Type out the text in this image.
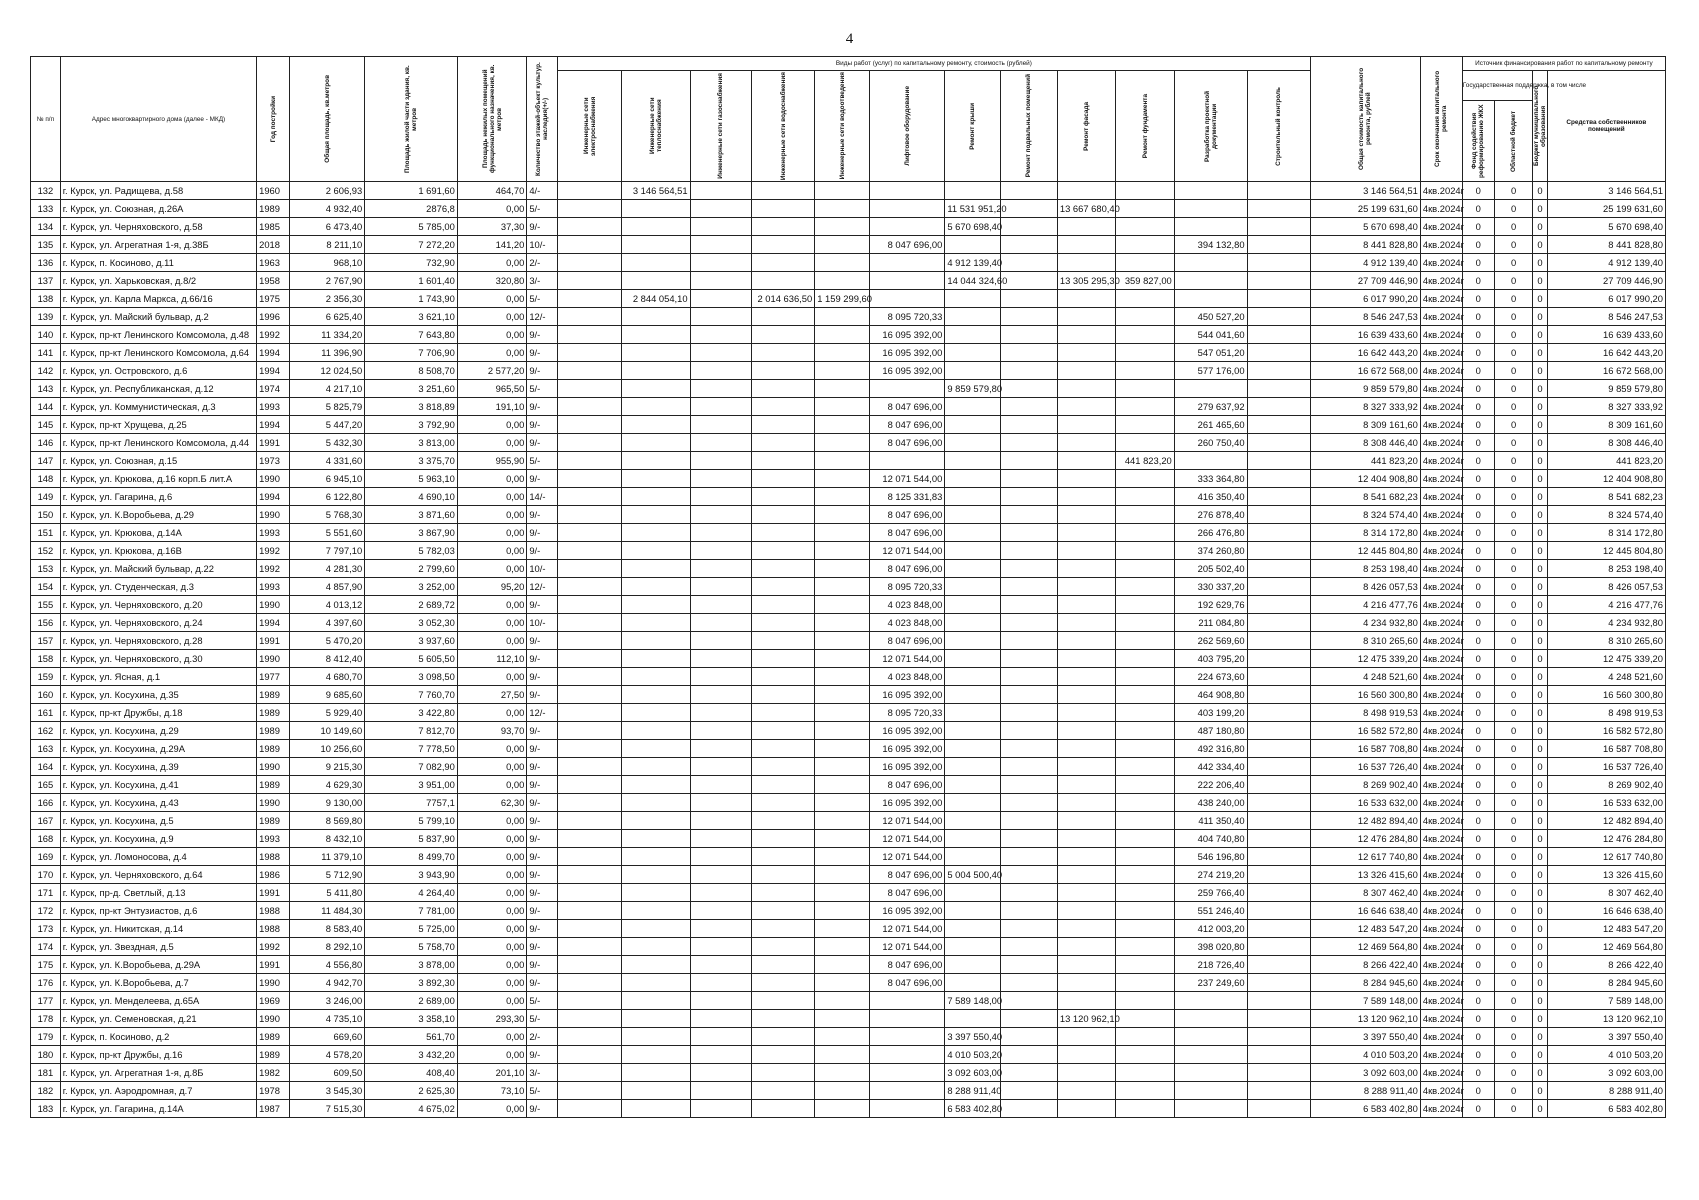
4
№ п/п	Адрес многоквартирного дома (далее - МКД)	Год постройки	Общая площадь, кв.метров	Площадь жилой части здания, кв. метров	Площадь нежилых помещений функционального назначения, кв. метров	Количество этажей-объект культур. наследия(+/-)	Виды работ (услуг) по капитальному ремонту, стоимость (рублей)												Общая стоимость капитального ремонта, рублей	Срок окончания капитального ремонта	Источник финансирования работ по капитальному ремонту			

							Инженерные сети электроснабжения	Инженерные сети теплоснабжения	Инженерные сети газоснабжения	Инженерные сети водоснабжения	Инженерные сети водоотведения	Лифтовое оборудование	Ремонт крыши	Ремонт подвальных помещений	Ремонт фасада	Ремонт фундамента	Разработка проектной документации	Строительный контроль			Государственная поддержка, в том числе		Бюджет муниципального образования	Средства собственников помещений

																					Фонд содействия реформированию ЖКХ	Областной бюджет		

132	г. Курск, ул. Радищева, д.58	1960	2 606,93	1 691,60	464,70	4/-		3 146 564,51											3 146 564,51	4кв.2024г	0	0	0	3 146 564,51
133	г. Курск, ул. Союзная, д.26А	1989	4 932,40	2876,8	0,00	5/-							11 531 951,20		13 667 680,40				25 199 631,60	4кв.2024г	0	0	0	25 199 631,60
134	г. Курск, ул. Черняховского, д.58	1985	6 473,40	5 785,00	37,30	9/-							5 670 698,40						5 670 698,40	4кв.2024г	0	0	0	5 670 698,40
135	г. Курск, ул. Агрегатная 1-я, д.38Б	2018	8 211,10	7 272,20	141,20	10/-						8 047 696,00					394 132,80		8 441 828,80	4кв.2024г	0	0	0	8 441 828,80
136	г. Курск, п. Косиново, д.11	1963	968,10	732,90	0,00	2/-							4 912 139,40						4 912 139,40	4кв.2024г	0	0	0	4 912 139,40
137	г. Курск, ул. Харьковская, д.8/2	1958	2 767,90	1 601,40	320,80	3/-							14 044 324,60		13 305 295,30	359 827,00			27 709 446,90	4кв.2024г	0	0	0	27 709 446,90
138	г. Курск, ул. Карла Маркса, д.66/16	1975	2 356,30	1 743,90	0,00	5/-		2 844 054,10		2 014 636,50	1 159 299,60								6 017 990,20	4кв.2024г	0	0	0	6 017 990,20
139	г. Курск, ул. Майский бульвар, д.2	1996	6 625,40	3 621,10	0,00	12/-						8 095 720,33					450 527,20		8 546 247,53	4кв.2024г	0	0	0	8 546 247,53
140	г. Курск, пр-кт Ленинского Комсомола, д.48	1992	11 334,20	7 643,80	0,00	9/-						16 095 392,00					544 041,60		16 639 433,60	4кв.2024г	0	0	0	16 639 433,60
141	г. Курск, пр-кт Ленинского Комсомола, д.64	1994	11 396,90	7 706,90	0,00	9/-						16 095 392,00					547 051,20		16 642 443,20	4кв.2024г	0	0	0	16 642 443,20
142	г. Курск, ул. Островского, д.6	1994	12 024,50	8 508,70	2 577,20	9/-						16 095 392,00					577 176,00		16 672 568,00	4кв.2024г	0	0	0	16 672 568,00
143	г. Курск, ул. Республиканская, д.12	1974	4 217,10	3 251,60	965,50	5/-							9 859 579,80						9 859 579,80	4кв.2024г	0	0	0	9 859 579,80
144	г. Курск, ул. Коммунистическая, д.3	1993	5 825,79	3 818,89	191,10	9/-						8 047 696,00					279 637,92		8 327 333,92	4кв.2024г	0	0	0	8 327 333,92
145	г. Курск, пр-кт Хрущева, д.25	1994	5 447,20	3 792,90	0,00	9/-						8 047 696,00					261 465,60		8 309 161,60	4кв.2024г	0	0	0	8 309 161,60
146	г. Курск, пр-кт Ленинского Комсомола, д.44	1991	5 432,30	3 813,00	0,00	9/-						8 047 696,00					260 750,40		8 308 446,40	4кв.2024г	0	0	0	8 308 446,40
147	г. Курск, ул. Союзная, д.15	1973	4 331,60	3 375,70	955,90	5/-										441 823,20			441 823,20	4кв.2024г	0	0	0	441 823,20
148	г. Курск, ул. Крюкова, д.16 корп.Б лит.А	1990	6 945,10	5 963,10	0,00	9/-						12 071 544,00					333 364,80		12 404 908,80	4кв.2024г	0	0	0	12 404 908,80
149	г. Курск, ул. Гагарина, д.6	1994	6 122,80	4 690,10	0,00	14/-						8 125 331,83					416 350,40		8 541 682,23	4кв.2024г	0	0	0	8 541 682,23
150	г. Курск, ул. К.Воробьева, д.29	1990	5 768,30	3 871,60	0,00	9/-						8 047 696,00					276 878,40		8 324 574,40	4кв.2024г	0	0	0	8 324 574,40
151	г. Курск, ул. Крюкова, д.14А	1993	5 551,60	3 867,90	0,00	9/-						8 047 696,00					266 476,80		8 314 172,80	4кв.2024г	0	0	0	8 314 172,80
152	г. Курск, ул. Крюкова, д.16В	1992	7 797,10	5 782,03	0,00	9/-						12 071 544,00					374 260,80		12 445 804,80	4кв.2024г	0	0	0	12 445 804,80
153	г. Курск, ул. Майский бульвар, д.22	1992	4 281,30	2 799,60	0,00	10/-						8 047 696,00					205 502,40		8 253 198,40	4кв.2024г	0	0	0	8 253 198,40
154	г. Курск, ул. Студенческая, д.3	1993	4 857,90	3 252,00	95,20	12/-						8 095 720,33					330 337,20		8 426 057,53	4кв.2024г	0	0	0	8 426 057,53
155	г. Курск, ул. Черняховского, д.20	1990	4 013,12	2 689,72	0,00	9/-						4 023 848,00					192 629,76		4 216 477,76	4кв.2024г	0	0	0	4 216 477,76
156	г. Курск, ул. Черняховского, д.24	1994	4 397,60	3 052,30	0,00	10/-						4 023 848,00					211 084,80		4 234 932,80	4кв.2024г	0	0	0	4 234 932,80
157	г. Курск, ул. Черняховского, д.28	1991	5 470,20	3 937,60	0,00	9/-						8 047 696,00					262 569,60		8 310 265,60	4кв.2024г	0	0	0	8 310 265,60
158	г. Курск, ул. Черняховского, д.30	1990	8 412,40	5 605,50	112,10	9/-						12 071 544,00					403 795,20		12 475 339,20	4кв.2024г	0	0	0	12 475 339,20
159	г. Курск, ул. Ясная, д.1	1977	4 680,70	3 098,50	0,00	9/-						4 023 848,00					224 673,60		4 248 521,60	4кв.2024г	0	0	0	4 248 521,60
160	г. Курск, ул. Косухина, д.35	1989	9 685,60	7 760,70	27,50	9/-						16 095 392,00					464 908,80		16 560 300,80	4кв.2024г	0	0	0	16 560 300,80
161	г. Курск, пр-кт Дружбы, д.18	1989	5 929,40	3 422,80	0,00	12/-						8 095 720,33					403 199,20		8 498 919,53	4кв.2024г	0	0	0	8 498 919,53
162	г. Курск, ул. Косухина, д.29	1989	10 149,60	7 812,70	93,70	9/-						16 095 392,00					487 180,80		16 582 572,80	4кв.2024г	0	0	0	16 582 572,80
163	г. Курск, ул. Косухина, д.29А	1989	10 256,60	7 778,50	0,00	9/-						16 095 392,00					492 316,80		16 587 708,80	4кв.2024г	0	0	0	16 587 708,80
164	г. Курск, ул. Косухина, д.39	1990	9 215,30	7 082,90	0,00	9/-						16 095 392,00					442 334,40		16 537 726,40	4кв.2024г	0	0	0	16 537 726,40
165	г. Курск, ул. Косухина, д.41	1989	4 629,30	3 951,00	0,00	9/-						8 047 696,00					222 206,40		8 269 902,40	4кв.2024г	0	0	0	8 269 902,40
166	г. Курск, ул. Косухина, д.43	1990	9 130,00	7757,1	62,30	9/-						16 095 392,00					438 240,00		16 533 632,00	4кв.2024г	0	0	0	16 533 632,00
167	г. Курск, ул. Косухина, д.5	1989	8 569,80	5 799,10	0,00	9/-						12 071 544,00					411 350,40		12 482 894,40	4кв.2024г	0	0	0	12 482 894,40
168	г. Курск, ул. Косухина, д.9	1993	8 432,10	5 837,90	0,00	9/-						12 071 544,00					404 740,80		12 476 284,80	4кв.2024г	0	0	0	12 476 284,80
169	г. Курск, ул. Ломоносова, д.4	1988	11 379,10	8 499,70	0,00	9/-						12 071 544,00					546 196,80		12 617 740,80	4кв.2024г	0	0	0	12 617 740,80
170	г. Курск, ул. Черняховского, д.64	1986	5 712,90	3 943,90	0,00	9/-						8 047 696,00	5 004 500,40				274 219,20		13 326 415,60	4кв.2024г	0	0	0	13 326 415,60
171	г. Курск, пр-д. Светлый, д.13	1991	5 411,80	4 264,40	0,00	9/-						8 047 696,00					259 766,40		8 307 462,40	4кв.2024г	0	0	0	8 307 462,40
172	г. Курск, пр-кт Энтузиастов, д.6	1988	11 484,30	7 781,00	0,00	9/-						16 095 392,00					551 246,40		16 646 638,40	4кв.2024г	0	0	0	16 646 638,40
173	г. Курск, ул. Никитская, д.14	1988	8 583,40	5 725,00	0,00	9/-						12 071 544,00					412 003,20		12 483 547,20	4кв.2024г	0	0	0	12 483 547,20
174	г. Курск, ул. Звездная, д.5	1992	8 292,10	5 758,70	0,00	9/-						12 071 544,00					398 020,80		12 469 564,80	4кв.2024г	0	0	0	12 469 564,80
175	г. Курск, ул. К.Воробьева, д.29А	1991	4 556,80	3 878,00	0,00	9/-						8 047 696,00					218 726,40		8 266 422,40	4кв.2024г	0	0	0	8 266 422,40
176	г. Курск, ул. К.Воробьева, д.7	1990	4 942,70	3 892,30	0,00	9/-						8 047 696,00					237 249,60		8 284 945,60	4кв.2024г	0	0	0	8 284 945,60
177	г. Курск, ул. Менделеева, д.65А	1969	3 246,00	2 689,00	0,00	5/-							7 589 148,00						7 589 148,00	4кв.2024г	0	0	0	7 589 148,00
178	г. Курск, ул. Семеновская, д.21	1990	4 735,10	3 358,10	293,30	5/-									13 120 962,10				13 120 962,10	4кв.2024г	0	0	0	13 120 962,10
179	г. Курск, п. Косиново, д.2	1989	669,60	561,70	0,00	2/-							3 397 550,40						3 397 550,40	4кв.2024г	0	0	0	3 397 550,40
180	г. Курск, пр-кт Дружбы, д.16	1989	4 578,20	3 432,20	0,00	9/-							4 010 503,20						4 010 503,20	4кв.2024г	0	0	0	4 010 503,20
181	г. Курск, ул. Агрегатная 1-я, д.8Б	1982	609,50	408,40	201,10	3/-							3 092 603,00						3 092 603,00	4кв.2024г	0	0	0	3 092 603,00
182	г. Курск, ул. Аэродромная, д.7	1978	3 545,30	2 625,30	73,10	5/-							8 288 911,40						8 288 911,40	4кв.2024г	0	0	0	8 288 911,40
183	г. Курск, ул. Гагарина, д.14А	1987	7 515,30	4 675,02	0,00	9/-							6 583 402,80						6 583 402,80	4кв.2024г	0	0	0	6 583 402,80
